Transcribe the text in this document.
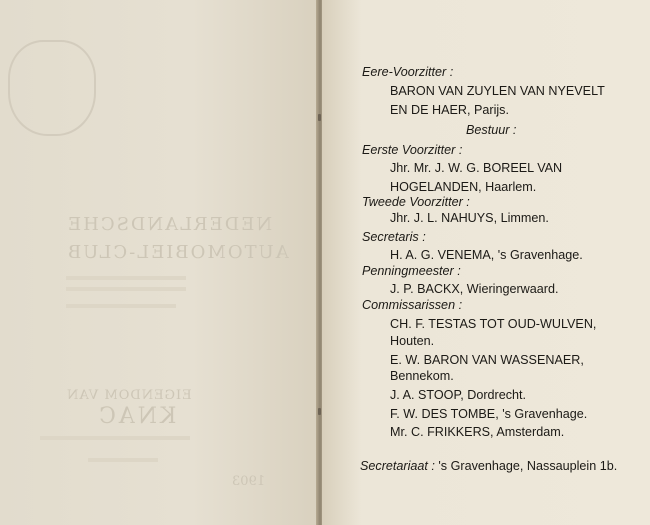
NEDERLANDSCHE
AUTOMOBIEL-CLUB
EIGENDOM VAN
KNAC
1903
Eere-Voorzitter :
BARON VAN ZUYLEN VAN NYEVELT
EN DE HAER, Parijs.
Bestuur :
Eerste Voorzitter :
Jhr. Mr. J. W. G. BOREEL VAN
HOGELANDEN, Haarlem.
Tweede Voorzitter :
Jhr. J. L. NAHUYS, Limmen.
Secretaris :
H. A. G. VENEMA, 's Gravenhage.
Penningmeester :
J. P. BACKX, Wieringerwaard.
Commissarissen :
CH. F. TESTAS TOT OUD-WULVEN,
Houten.
E. W. BARON VAN WASSENAER,
Bennekom.
J. A. STOOP, Dordrecht.
F. W. DES TOMBE, 's Gravenhage.
Mr. C. FRIKKERS, Amsterdam.
Secretariaat : 's Gravenhage, Nassauplein 1b.
